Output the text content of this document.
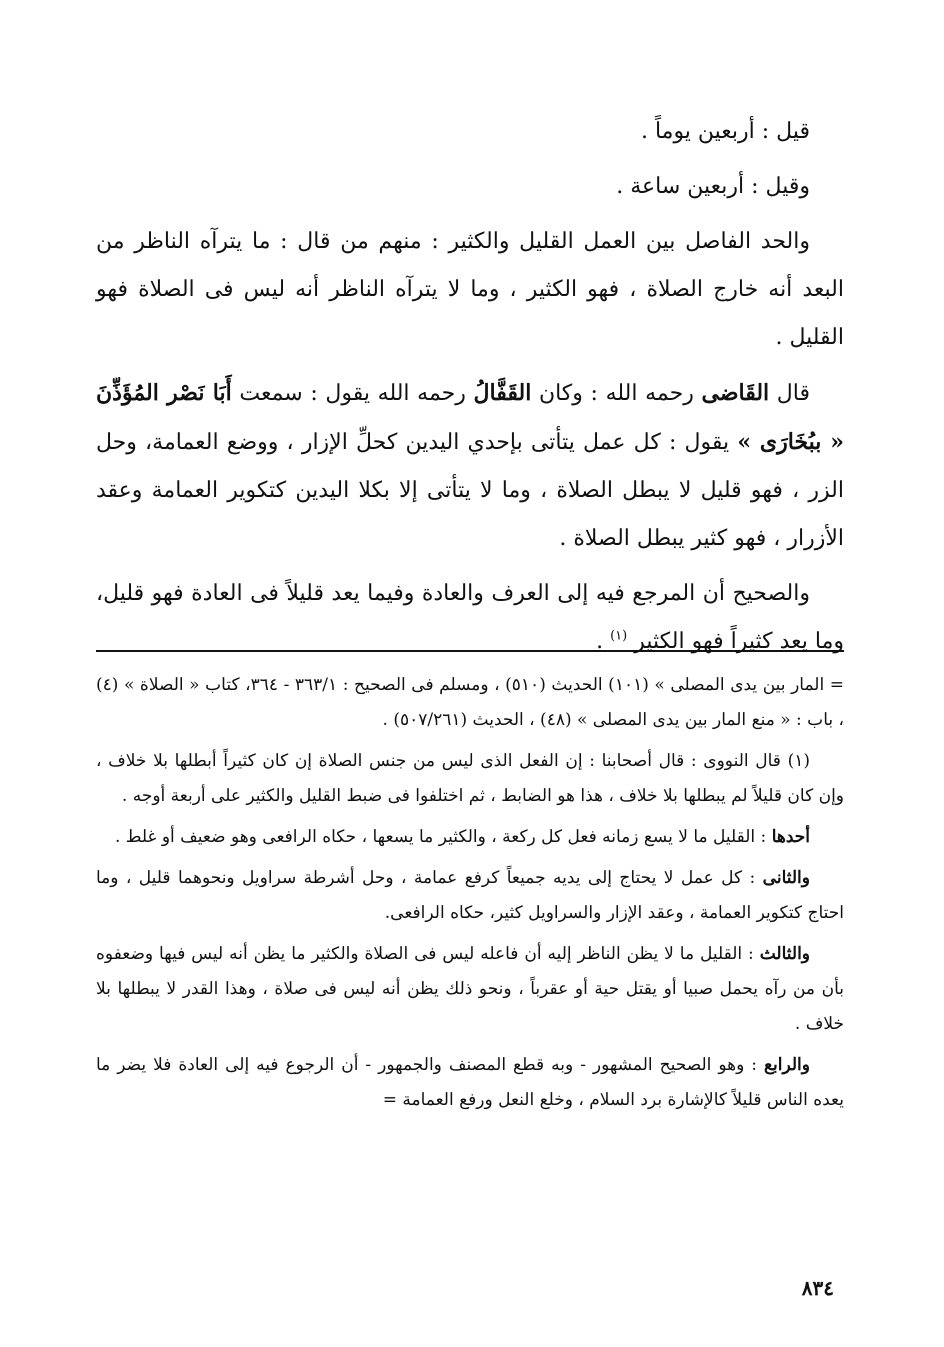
قيل : أربعين يوماً .

وقيل : أربعين ساعة .

والحد الفاصل بين العمل القليل والكثير : منهم من قال : ما يترآه الناظر من البعد أنه خارج الصلاة ، فهو الكثير ، وما لا يترآه الناظر أنه ليس فى الصلاة فهو القليل .

قال القَاضى رحمه الله : وكان القَفَّالُ رحمه الله يقول : سمعت أَبَا نَصْر المُؤَذِّنَ « ببُخَارَى » يقول : كل عمل يتأتى بإحدي اليدين كحلِّ الإزار ، ووضع العمامة، وحل الزر ، فهو قليل لا يبطل الصلاة ، وما لا يتأتى إلا بكلا اليدين كتكوير العمامة وعقد الأزرار ، فهو كثير يبطل الصلاة .

والصحيح أن المرجع فيه إلى العرف والعادة وفيما يعد قليلاً فى العادة فهو قليل، وما يعد كثيراً فهو الكثير $^{(١)}$ .

= المار بين يدى المصلى » (١٠١) الحديث (٥١٠) ، ومسلم فى الصحيح : ٣٦٣/١ - ٣٦٤، كتاب « الصلاة » (٤) ، باب : « منع المار بين يدى المصلى » (٤٨) ، الحديث (٥٠٧/٢٦١) .

(١) قال النووى : قال أصحابنا : إن الفعل الذى ليس من جنس الصلاة إن كان كثيراً أبطلها بلا خلاف ، وإن كان قليلاً لم يبطلها بلا خلاف ، هذا هو الضابط ، ثم اختلفوا فى ضبط القليل والكثير على أربعة أوجه .

أحدها : القليل ما لا يسع زمانه فعل كل ركعة ، والكثير ما يسعها ، حكاه الرافعى وهو ضعيف أو غلط .

والثانى : كل عمل لا يحتاج إلى يديه جميعاً كرفع عمامة ، وحل أشرطة سراويل ونحوهما قليل ، وما احتاج كتكوير العمامة ، وعقد الإزار والسراويل كثير، حكاه الرافعى.

والثالث : القليل ما لا يظن الناظر إليه أن فاعله ليس فى الصلاة والكثير ما يظن أنه ليس فيها وضعفوه بأن من رآه يحمل صبيا أو يقتل حية أو عقرباً ، ونحو ذلك يظن أنه ليس فى صلاة ، وهذا القدر لا يبطلها بلا خلاف .

والرابع : وهو الصحيح المشهور - وبه قطع المصنف والجمهور - أن الرجوع فيه إلى العادة فلا يضر ما يعده الناس قليلاً كالإشارة برد السلام ، وخلع النعل ورفع العمامة =

٨٣٤
